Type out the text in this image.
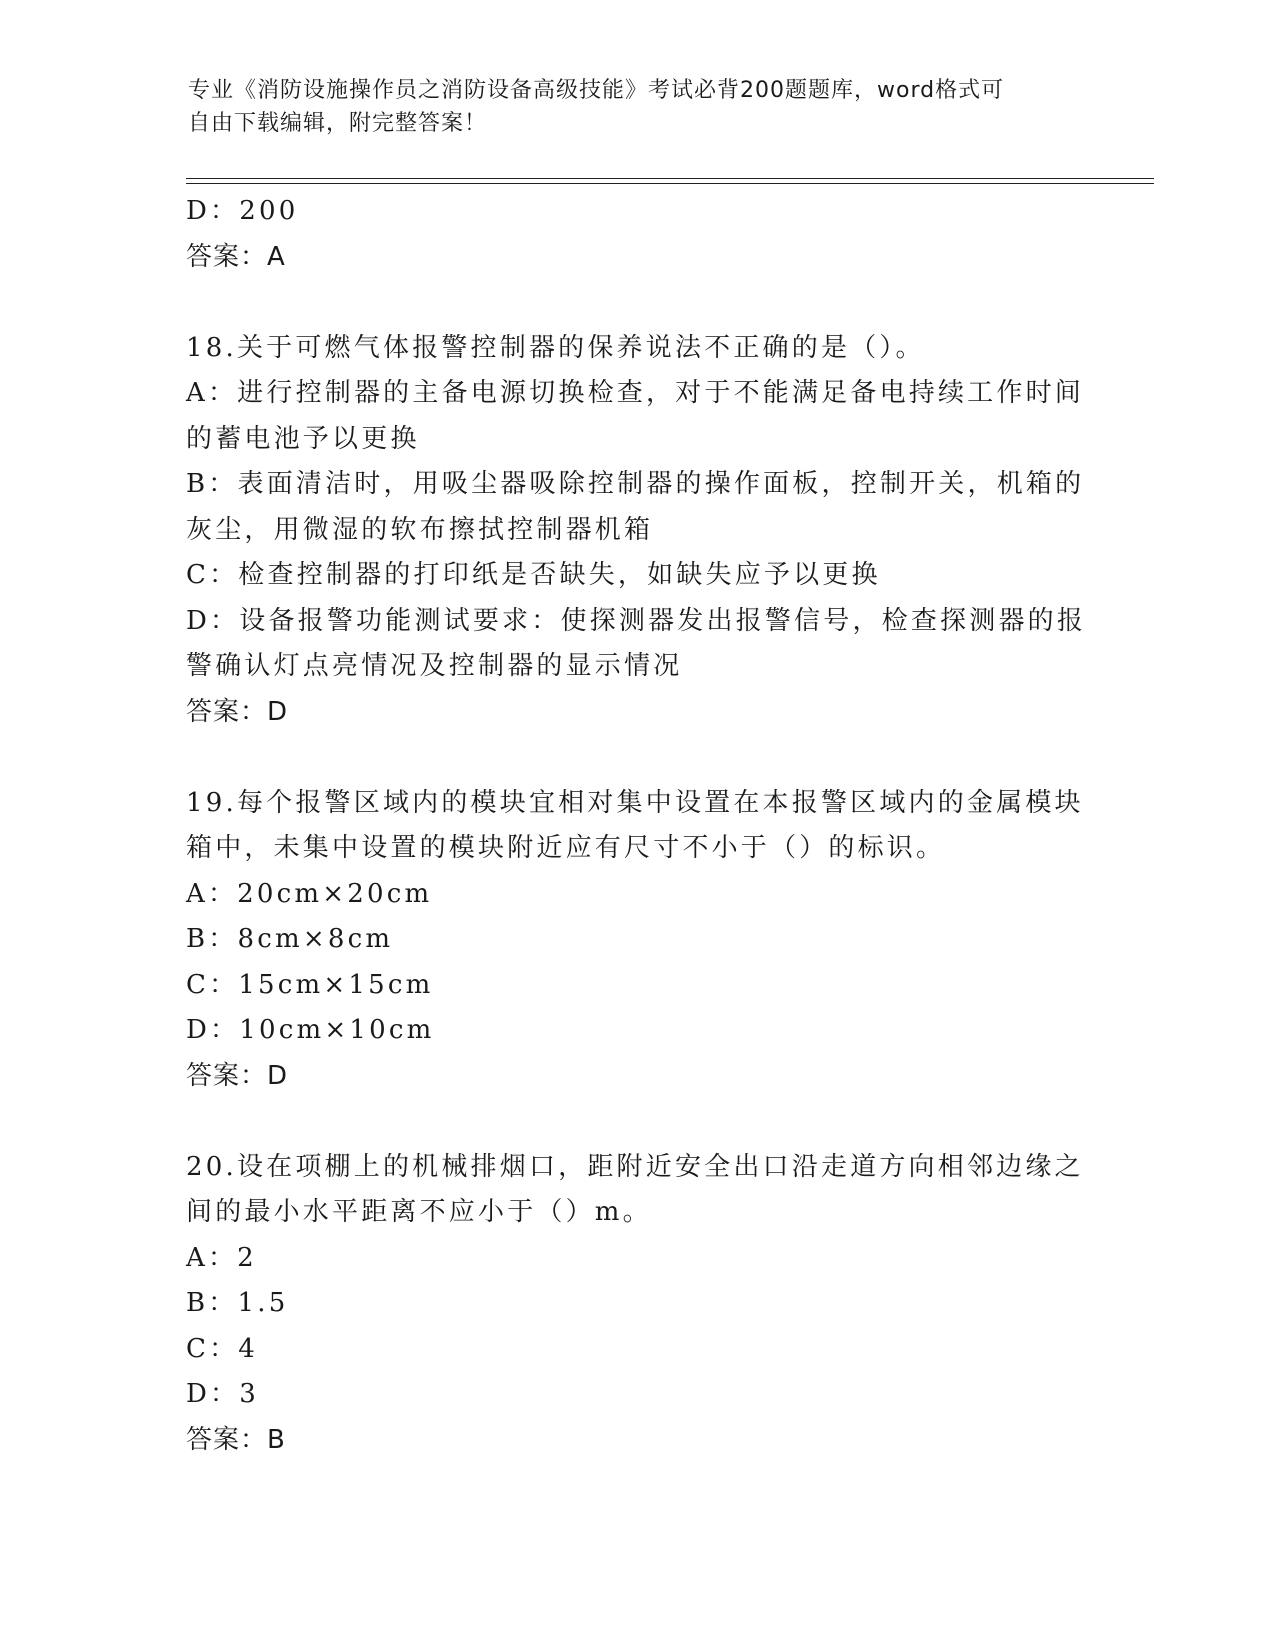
专业《消防设施操作员之消防设备高级技能》考试必背200题题库，word格式可
自由下载编辑，附完整答案！
D：200
答案：A
18.关于可燃气体报警控制器的保养说法不正确的是（）。
A：进行控制器的主备电源切换检查，对于不能满足备电持续工作时间
的蓄电池予以更换
B：表面清洁时，用吸尘器吸除控制器的操作面板，控制开关，机箱的
灰尘，用微湿的软布擦拭控制器机箱
C：检查控制器的打印纸是否缺失，如缺失应予以更换
D：设备报警功能测试要求：使探测器发出报警信号，检查探测器的报
警确认灯点亮情况及控制器的显示情况
答案：D
19.每个报警区域内的模块宜相对集中设置在本报警区域内的金属模块
箱中，未集中设置的模块附近应有尺寸不小于（）的标识。
A：20cm×20cm
B：8cm×8cm
C：15cm×15cm
D：10cm×10cm
答案：D
20.设在项棚上的机械排烟口，距附近安全出口沿走道方向相邻边缘之
间的最小水平距离不应小于（）m。
A：2
B：1.5
C：4
D：3
答案：B
